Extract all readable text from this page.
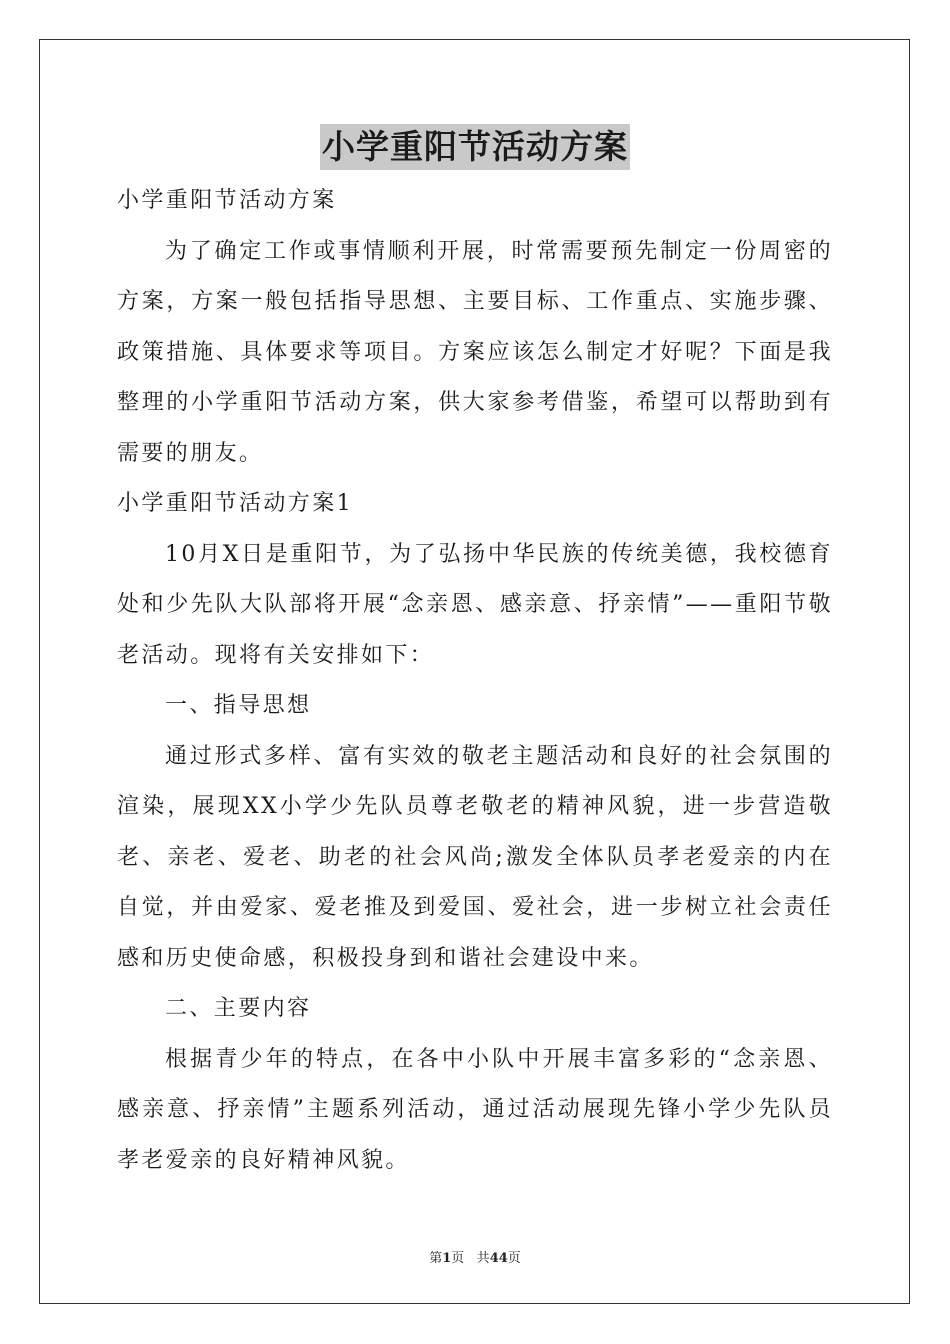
小学重阳节活动方案

小学重阳节活动方案

为了确定工作或事情顺利开展，时常需要预先制定一份周密的方案，方案一般包括指导思想、主要目标、工作重点、实施步骤、政策措施、具体要求等项目。方案应该怎么制定才好呢？下面是我整理的小学重阳节活动方案，供大家参考借鉴，希望可以帮助到有需要的朋友。

小学重阳节活动方案1

10月X日是重阳节，为了弘扬中华民族的传统美德，我校德育处和少先队大队部将开展“念亲恩、感亲意、抒亲情”——重阳节敬老活动。现将有关安排如下：

一、指导思想

通过形式多样、富有实效的敬老主题活动和良好的社会氛围的渲染，展现XX小学少先队员尊老敬老的精神风貌，进一步营造敬老、亲老、爱老、助老的社会风尚;激发全体队员孝老爱亲的内在自觉，并由爱家、爱老推及到爱国、爱社会，进一步树立社会责任感和历史使命感，积极投身到和谐社会建设中来。

二、主要内容

根据青少年的特点，在各中小队中开展丰富多彩的“念亲恩、感亲意、抒亲情”主题系列活动，通过活动展现先锋小学少先队员孝老爱亲的良好精神风貌。

第1页 共44页
